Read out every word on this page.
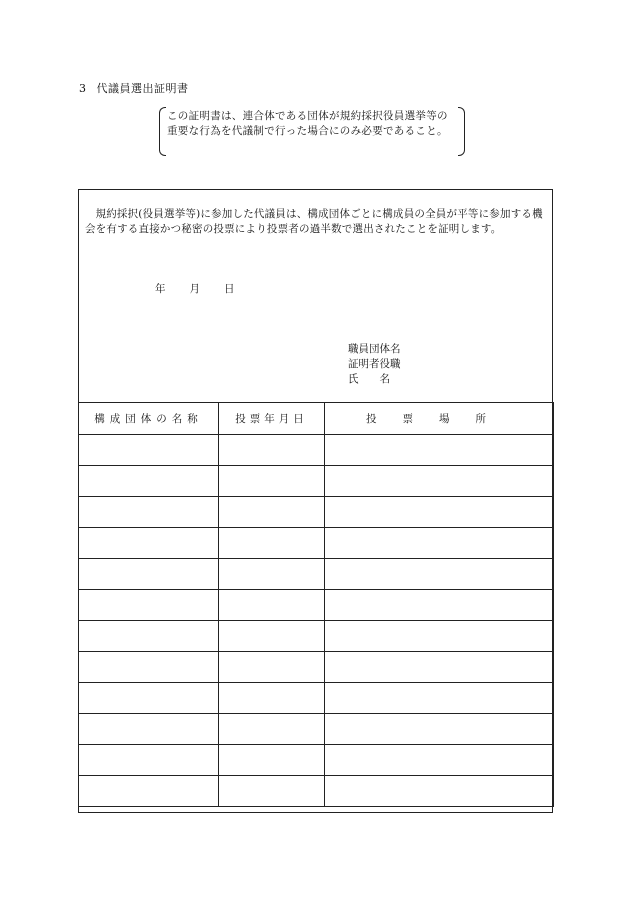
3 代議員選出証明書
この証明書は、連合体である団体が規約採択役員選挙等の重要な行為を代議制で行った場合にのみ必要であること。
規約採択(役員選挙等)に参加した代議員は、構成団体ごとに構成員の全員が平等に参加する機会を有する直接かつ秘密の投票により投票者の過半数で選出されたことを証明します。
年 月 日
職員団体名
証明者役職
氏名
構成団体の名称	投票年月日	投票場所
